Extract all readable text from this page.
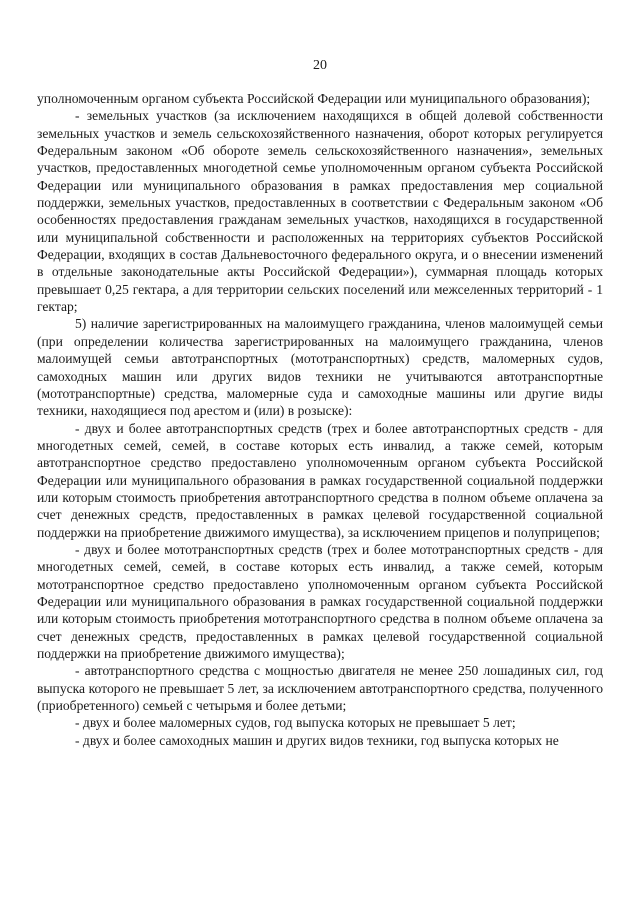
20

уполномоченным органом субъекта Российской Федерации или муниципального образования);

- земельных участков (за исключением находящихся в общей долевой собственности земельных участков и земель сельскохозяйственного назначения, оборот которых регулируется Федеральным законом «Об обороте земель сельскохозяйственного назначения», земельных участков, предоставленных многодетной семье уполномоченным органом субъекта Российской Федерации или муниципального образования в рамках предоставления мер социальной поддержки, земельных участков, предоставленных в соответствии с Федеральным законом «Об особенностях предоставления гражданам земельных участков, находящихся в государственной или муниципальной собственности и расположенных на территориях субъектов Российской Федерации, входящих в состав Дальневосточного федерального округа, и о внесении изменений в отдельные законодательные акты Российской Федерации»), суммарная площадь которых превышает 0,25 гектара, а для территории сельских поселений или межселенных территорий - 1 гектар;

5) наличие зарегистрированных на малоимущего гражданина, членов малоимущей семьи (при определении количества зарегистрированных на малоимущего гражданина, членов малоимущей семьи автотранспортных (мототранспортных) средств, маломерных судов, самоходных машин или других видов техники не учитываются автотранспортные (мототранспортные) средства, маломерные суда и самоходные машины или другие виды техники, находящиеся под арестом и (или) в розыске):

- двух и более автотранспортных средств (трех и более автотранспортных средств - для многодетных семей, семей, в составе которых есть инвалид, а также семей, которым автотранспортное средство предоставлено уполномоченным органом субъекта Российской Федерации или муниципального образования в рамках государственной социальной поддержки или которым стоимость приобретения автотранспортного средства в полном объеме оплачена за счет денежных средств, предоставленных в рамках целевой государственной социальной поддержки на приобретение движимого имущества), за исключением прицепов и полуприцепов;

- двух и более мототранспортных средств (трех и более мототранспортных средств - для многодетных семей, семей, в составе которых есть инвалид, а также семей, которым мототранспортное средство предоставлено уполномоченным органом субъекта Российской Федерации или муниципального образования в рамках государственной социальной поддержки или которым стоимость приобретения мототранспортного средства в полном объеме оплачена за счет денежных средств, предоставленных в рамках целевой государственной социальной поддержки на приобретение движимого имущества);

- автотранспортного средства с мощностью двигателя не менее 250 лошадиных сил, год выпуска которого не превышает 5 лет, за исключением автотранспортного средства, полученного (приобретенного) семьей с четырьмя и более детьми;

- двух и более маломерных судов, год выпуска которых не превышает 5 лет;

- двух и более самоходных машин и других видов техники, год выпуска которых не
